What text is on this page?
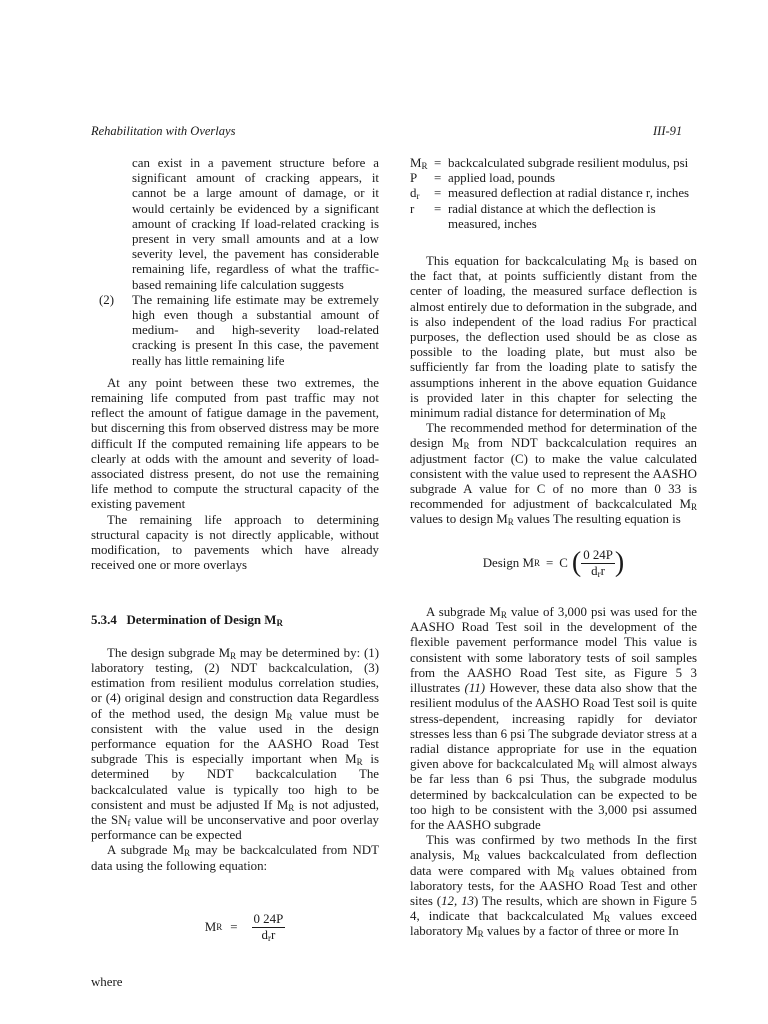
Rehabilitation with Overlays	III-91

can exist in a pavement structure before a significant amount of cracking appears, it cannot be a large amount of damage, or it would certainly be evidenced by a significant amount of cracking If load-related cracking is present in very small amounts and at a low severity level, the pavement has considerable remaining life, regardless of what the traffic-based remaining life calculation suggests

(2)	The remaining life estimate may be extremely high even though a substantial amount of medium- and high-severity load-related cracking is present In this case, the pavement really has little remaining life

At any point between these two extremes, the remaining life computed from past traffic may not reflect the amount of fatigue damage in the pavement, but discerning this from observed distress may be more difficult If the computed remaining life appears to be clearly at odds with the amount and severity of load-associated distress present, do not use the remaining life method to compute the structural capacity of the existing pavement

The remaining life approach to determining structural capacity is not directly applicable, without modification, to pavements which have already received one or more overlays

5.3.4 Determination of Design $M_R$

The design subgrade $M_R$ may be determined by: (1) laboratory testing, (2) NDT backcalculation, (3) estimation from resilient modulus correlation studies, or (4) original design and construction data Regardless of the method used, the design $M_R$ value must be consistent with the value used in the design performance equation for the AASHO Road Test subgrade This is especially important when $M_R$ is determined by NDT backcalculation The backcalculated value is typically too high to be consistent and must be adjusted If $M_R$ is not adjusted, the $SN_f$ value will be unconservative and poor overlay performance can be expected

A subgrade $M_R$ may be backcalculated from NDT data using the following equation:

M $R = \frac{0 24P}{d_rr}$

where

$M_R$ = backcalculated subgrade resilient modulus, psi
P	= applied load, pounds
$d_r$	= measured deflection at radial distance r, inches
r	= radial distance at which the deflection is measured, inches

This equation for backcalculating $M_R$ is based on the fact that, at points sufficiently distant from the center of loading, the measured surface deflection is almost entirely due to deformation in the subgrade, and is also independent of the load radius For practical purposes, the deflection used should be as close as possible to the loading plate, but must also be sufficiently far from the loading plate to satisfy the assumptions inherent in the above equation Guidance is provided later in this chapter for selecting the minimum radial distance for determination of $M_R$

The recommended method for determination of the design $M_R$ from NDT backcalculation requires an adjustment factor (C) to make the value calculated consistent with the value used to represent the AASHO subgrade A value for C of no more than 0 33 is recommended for adjustment of backcalculated $M_R$ values to design $M_R$ values The resulting equation is

Design M R = C ( $\frac{0 24P}{d_rr}$ )

A subgrade $M_R$ value of 3,000 psi was used for the AASHO Road Test soil in the development of the flexible pavement performance model This value is consistent with some laboratory tests of soil samples from the AASHO Road Test site, as Figure 5 3 illustrates (11) However, these data also show that the resilient modulus of the AASHO Road Test soil is quite stress-dependent, increasing rapidly for deviator stresses less than 6 psi The subgrade deviator stress at a radial distance appropriate for use in the equation given above for backcalculated $M_R$ will almost always be far less than 6 psi Thus, the subgrade modulus determined by backcalculation can be expected to be too high to be consistent with the 3,000 psi assumed for the AASHO subgrade

This was confirmed by two methods In the first analysis, $M_R$ values backcalculated from deflection data were compared with $M_R$ values obtained from laboratory tests, for the AASHO Road Test and other sites (12, 13) The results, which are shown in Figure 5 4, indicate that backcalculated $M_R$ values exceed laboratory $M_R$ values by a factor of three or more In
